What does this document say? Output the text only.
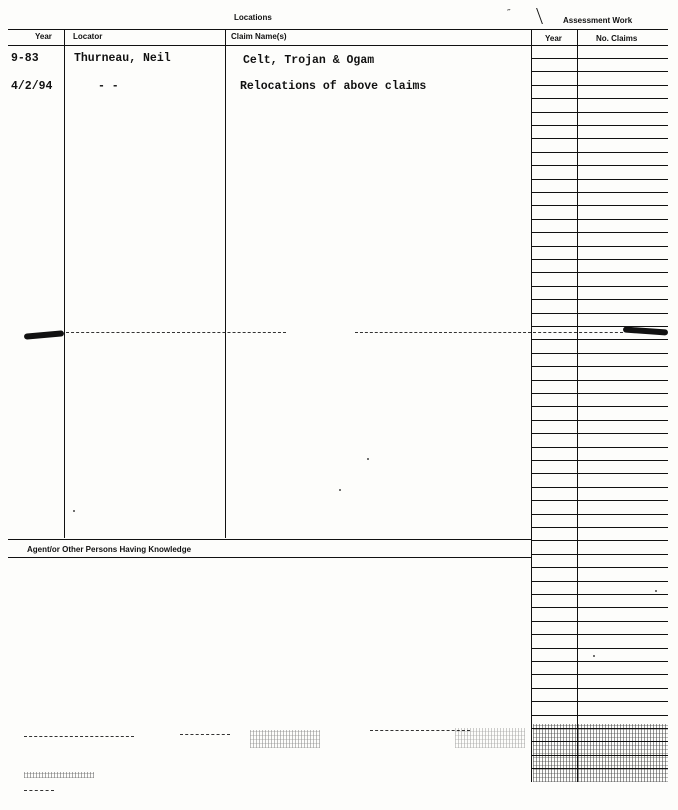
Locations	Assessment Work
˝
Year	Locator	Claim Name(s)	Year	No. Claims
9-83	Thurneau, Neil	Celt, Trojan & Ogam
4/2/94	- -	Relocations of above claims
Agent/or Other Persons Having Knowledge
